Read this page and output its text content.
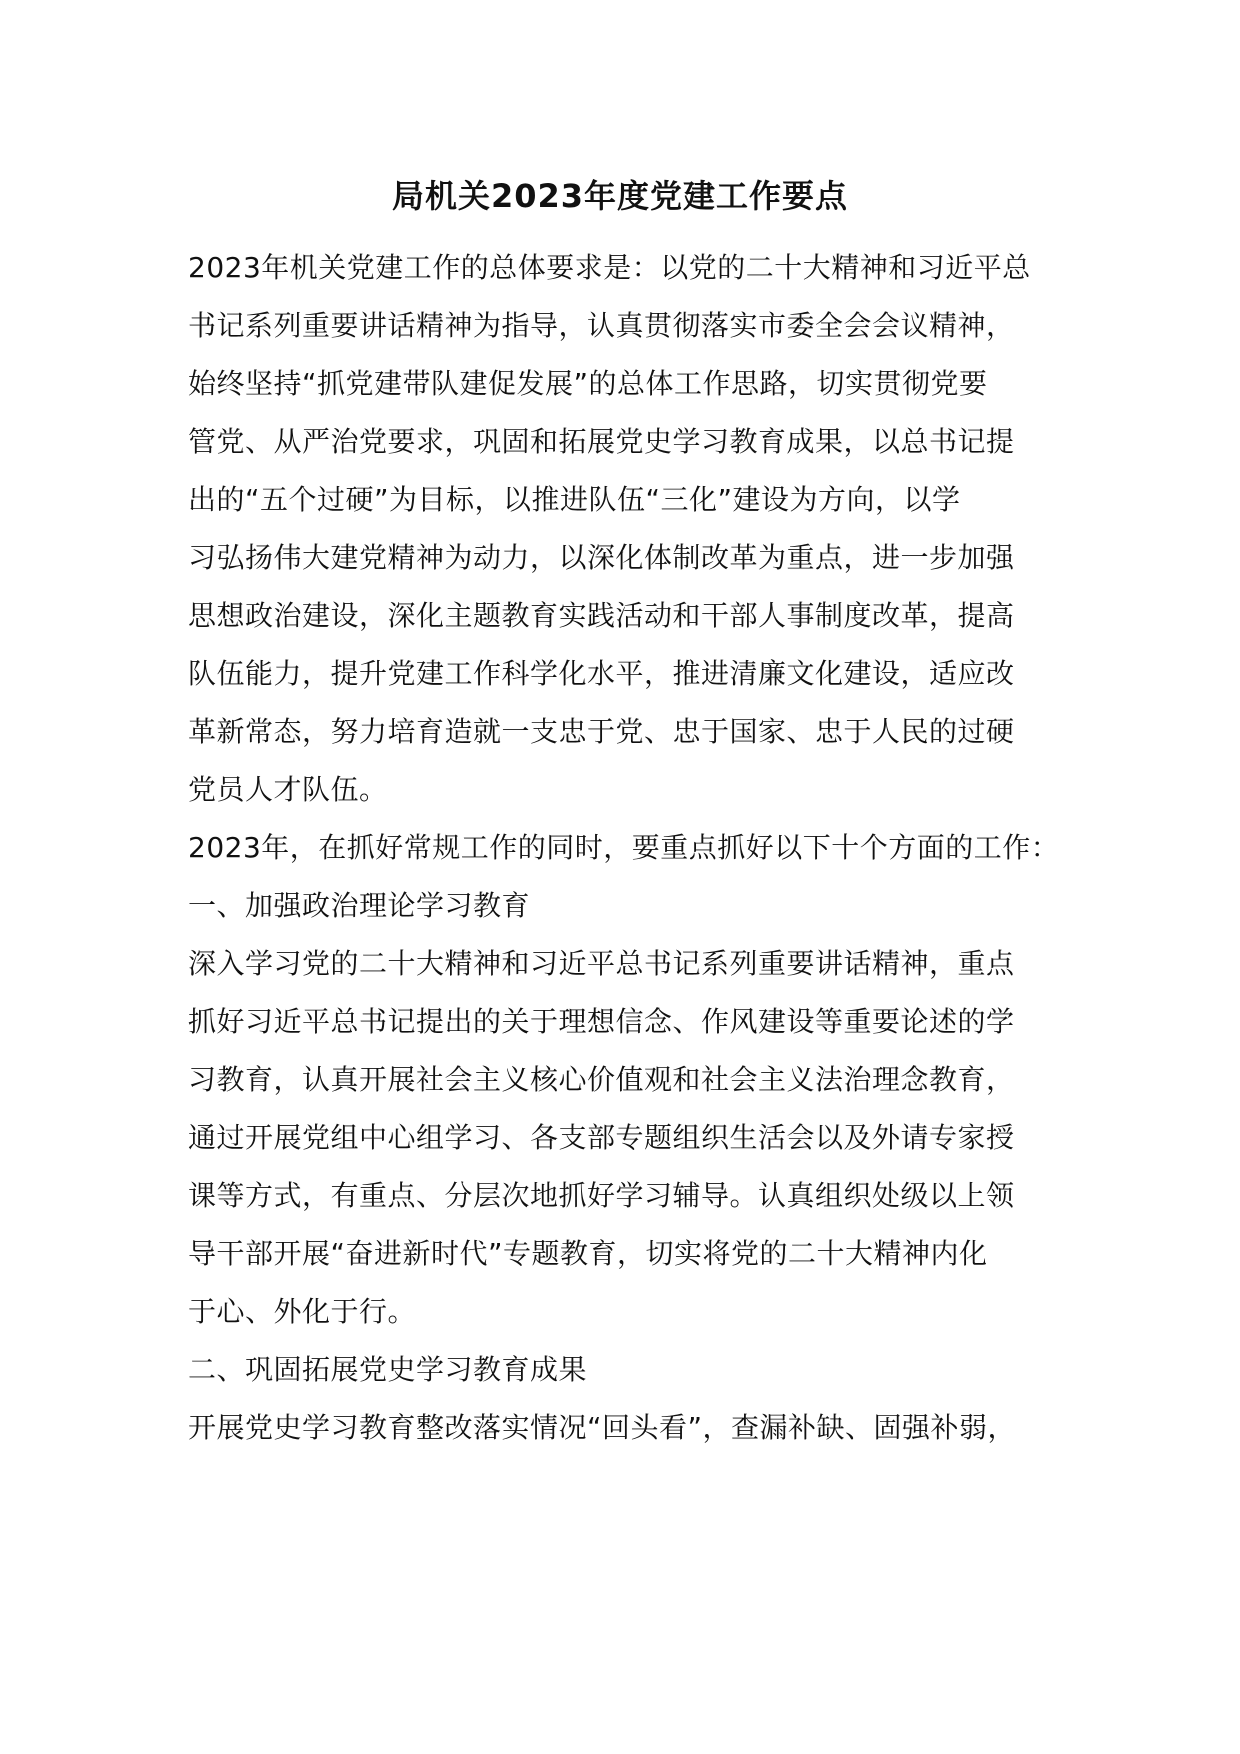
局机关2023年度党建工作要点
2023年机关党建工作的总体要求是：以党的二十大精神和习近平总
书记系列重要讲话精神为指导，认真贯彻落实市委全会会议精神，
始终坚持“抓党建带队建促发展”的总体工作思路，切实贯彻党要
管党、从严治党要求，巩固和拓展党史学习教育成果，以总书记提
出的“五个过硬”为目标，以推进队伍“三化”建设为方向，以学
习弘扬伟大建党精神为动力，以深化体制改革为重点，进一步加强
思想政治建设，深化主题教育实践活动和干部人事制度改革，提高
队伍能力，提升党建工作科学化水平，推进清廉文化建设，适应改
革新常态，努力培育造就一支忠于党、忠于国家、忠于人民的过硬
党员人才队伍。
2023年，在抓好常规工作的同时，要重点抓好以下十个方面的工作：
一、加强政治理论学习教育
深入学习党的二十大精神和习近平总书记系列重要讲话精神，重点
抓好习近平总书记提出的关于理想信念、作风建设等重要论述的学
习教育，认真开展社会主义核心价值观和社会主义法治理念教育，
通过开展党组中心组学习、各支部专题组织生活会以及外请专家授
课等方式，有重点、分层次地抓好学习辅导。认真组织处级以上领
导干部开展“奋进新时代”专题教育，切实将党的二十大精神内化
于心、外化于行。
二、巩固拓展党史学习教育成果
开展党史学习教育整改落实情况“回头看”，查漏补缺、固强补弱，
